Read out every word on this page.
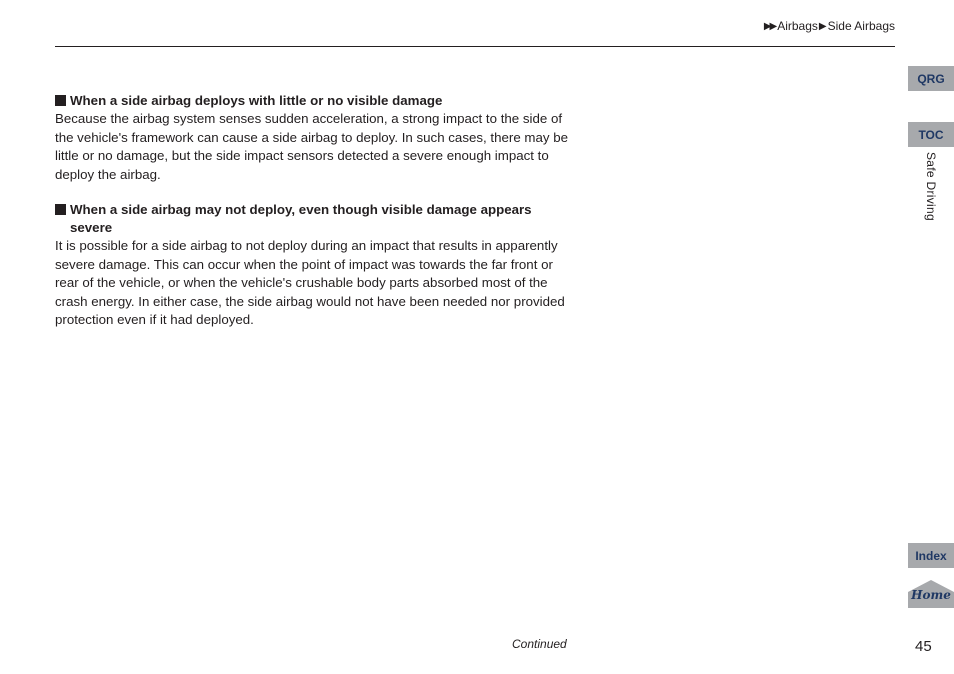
▶▶ Airbags ▶ Side Airbags

When a side airbag deploys with little or no visible damage

Because the airbag system senses sudden acceleration, a strong impact to the side of the vehicle's framework can cause a side airbag to deploy. In such cases, there may be little or no damage, but the side impact sensors detected a severe enough impact to deploy the airbag.

When a side airbag may not deploy, even though visible damage appears severe

It is possible for a side airbag to not deploy during an impact that results in apparently severe damage. This can occur when the point of impact was towards the far front or rear of the vehicle, or when the vehicle's crushable body parts absorbed most of the crash energy. In either case, the side airbag would not have been needed nor provided protection even if it had deployed.

QRG
TOC
Safe Driving
Index
Home
Continued	45
